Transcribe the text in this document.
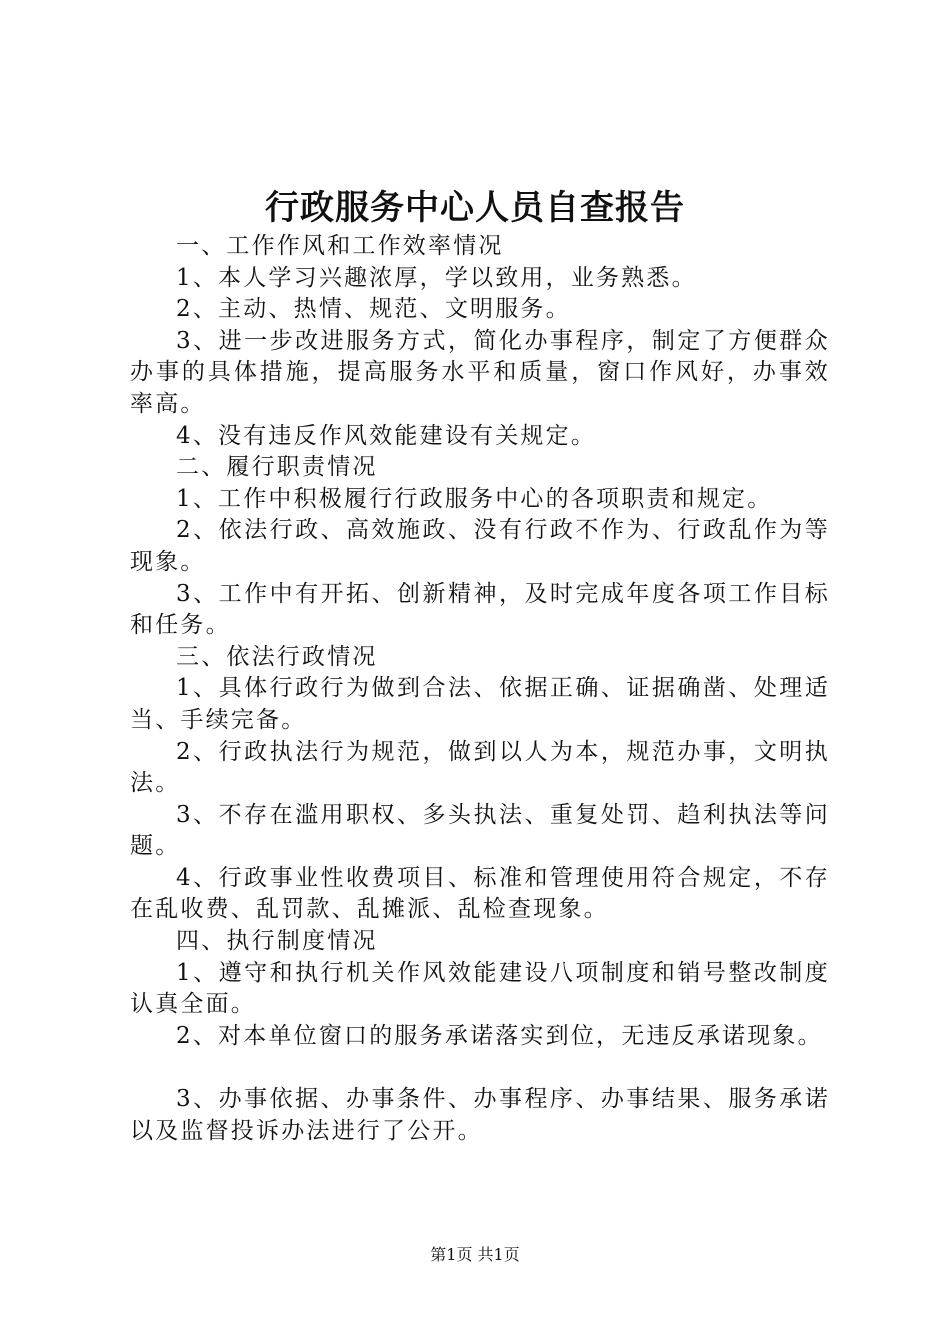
行政服务中心人员自查报告

一、工作作风和工作效率情况

1、本人学习兴趣浓厚，学以致用，业务熟悉。

2、主动、热情、规范、文明服务。

3、进一步改进服务方式，简化办事程序，制定了方便群众办事的具体措施，提高服务水平和质量，窗口作风好，办事效率高。

4、没有违反作风效能建设有关规定。

二、履行职责情况

1、工作中积极履行行政服务中心的各项职责和规定。

2、依法行政、高效施政、没有行政不作为、行政乱作为等现象。

3、工作中有开拓、创新精神，及时完成年度各项工作目标和任务。

三、依法行政情况

1、具体行政行为做到合法、依据正确、证据确凿、处理适当、手续完备。

2、行政执法行为规范，做到以人为本，规范办事，文明执法。

3、不存在滥用职权、多头执法、重复处罚、趋利执法等问题。

4、行政事业性收费项目、标准和管理使用符合规定，不存在乱收费、乱罚款、乱摊派、乱检查现象。

四、执行制度情况

1、遵守和执行机关作风效能建设八项制度和销号整改制度认真全面。

2、对本单位窗口的服务承诺落实到位，无违反承诺现象。

3、办事依据、办事条件、办事程序、办事结果、服务承诺以及监督投诉办法进行了公开。

第1页 共1页
